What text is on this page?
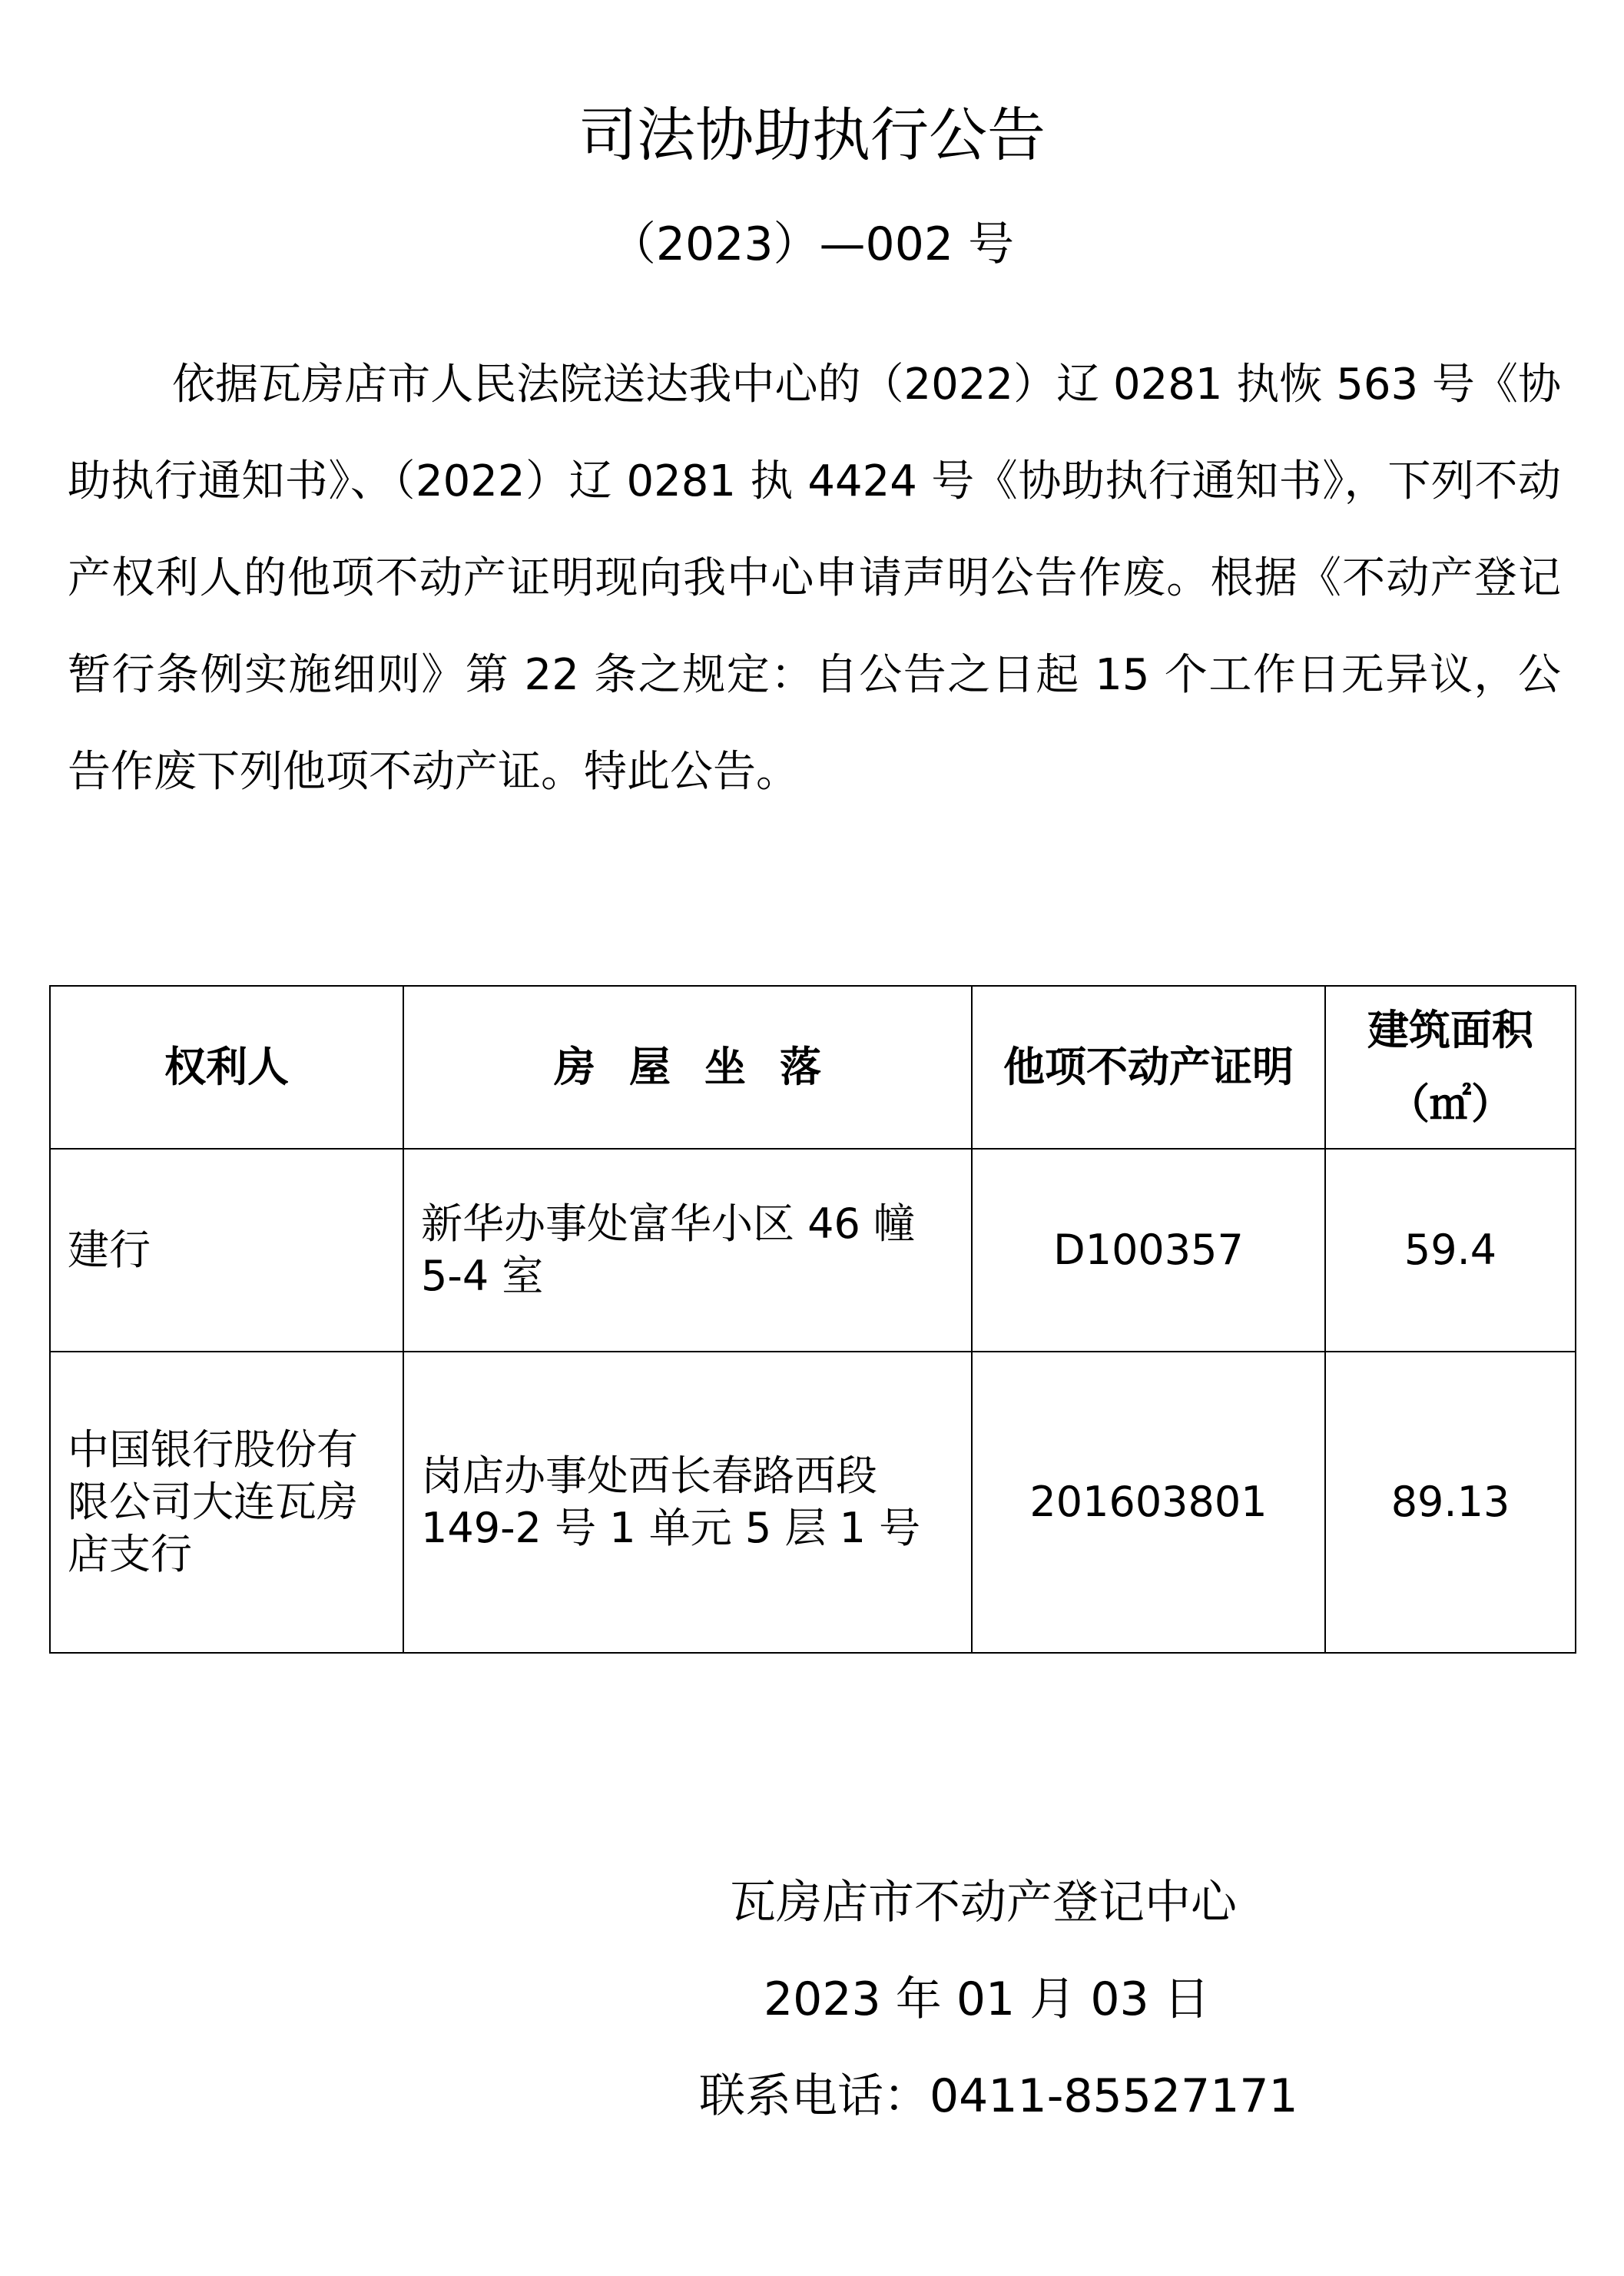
司法协助执行公告
（2023）—002 号

依据瓦房店市人民法院送达我中心的（2022）辽 0281 执恢 563 号《协助执行通知书》、（2022）辽 0281 执 4424 号《协助执行通知书》，下列不动产权利人的他项不动产证明现向我中心申请声明公告作废。根据《不动产登记暂行条例实施细则》第 22 条之规定：自公告之日起 15 个工作日无异议，公告作废下列他项不动产证。特此公告。

权利人	房屋坐落	他项不动产证明	建筑面积（㎡）
建行	新华办事处富华小区 46 幢 5-4 室	D100357	59.4
中国银行股份有限公司大连瓦房店支行	岗店办事处西长春路西段 149-2 号 1 单元 5 层 1 号	201603801	89.13
瓦房店市不动产登记中心
2023 年 01 月 03 日
联系电话：0411-85527171
